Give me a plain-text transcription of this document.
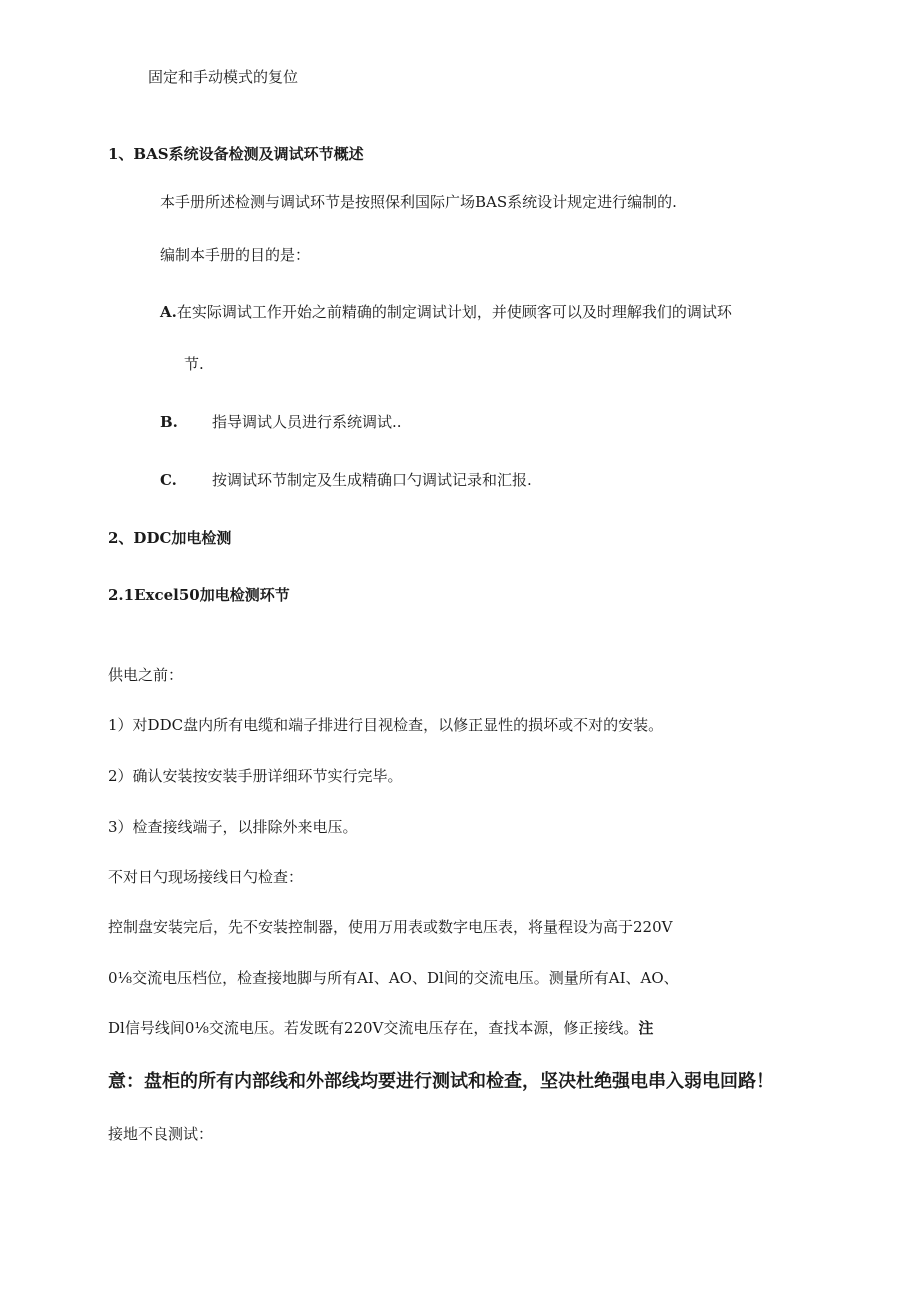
固定和手动模式的复位
1、BAS系统设备检测及调试环节概述
本手册所述检测与调试环节是按照保利国际广场BAS系统设计规定进行编制的.
编制本手册的目的是：
A.在实际调试工作开始之前精确的制定调试计划，并使顾客可以及时理解我们的调试环
节.
B. 指导调试人员进行系统调试..
C. 按调试环节制定及生成精确口勺调试记录和汇报.
2、DDC加电检测
2.1Excel50加电检测环节
供电之前：
1）对DDC盘内所有电缆和端子排进行目视检查，以修正显性的损坏或不对的安装。
2）确认安装按安装手册详细环节实行完毕。
3）检查接线端子，以排除外来电压。
不对日勺现场接线日勺检查：
控制盘安装完后，先不安装控制器，使用万用表或数字电压表，将量程设为高于220V
0⅛交流电压档位，检查接地脚与所有AI、AO、Dl间的交流电压。测量所有AI、AO、
Dl信号线间0⅛交流电压。若发既有220V交流电压存在，查找本源，修正接线。注
意：盘柜的所有内部线和外部线均要进行测试和检查，坚决杜绝强电串入弱电回路！
接地不良测试：
